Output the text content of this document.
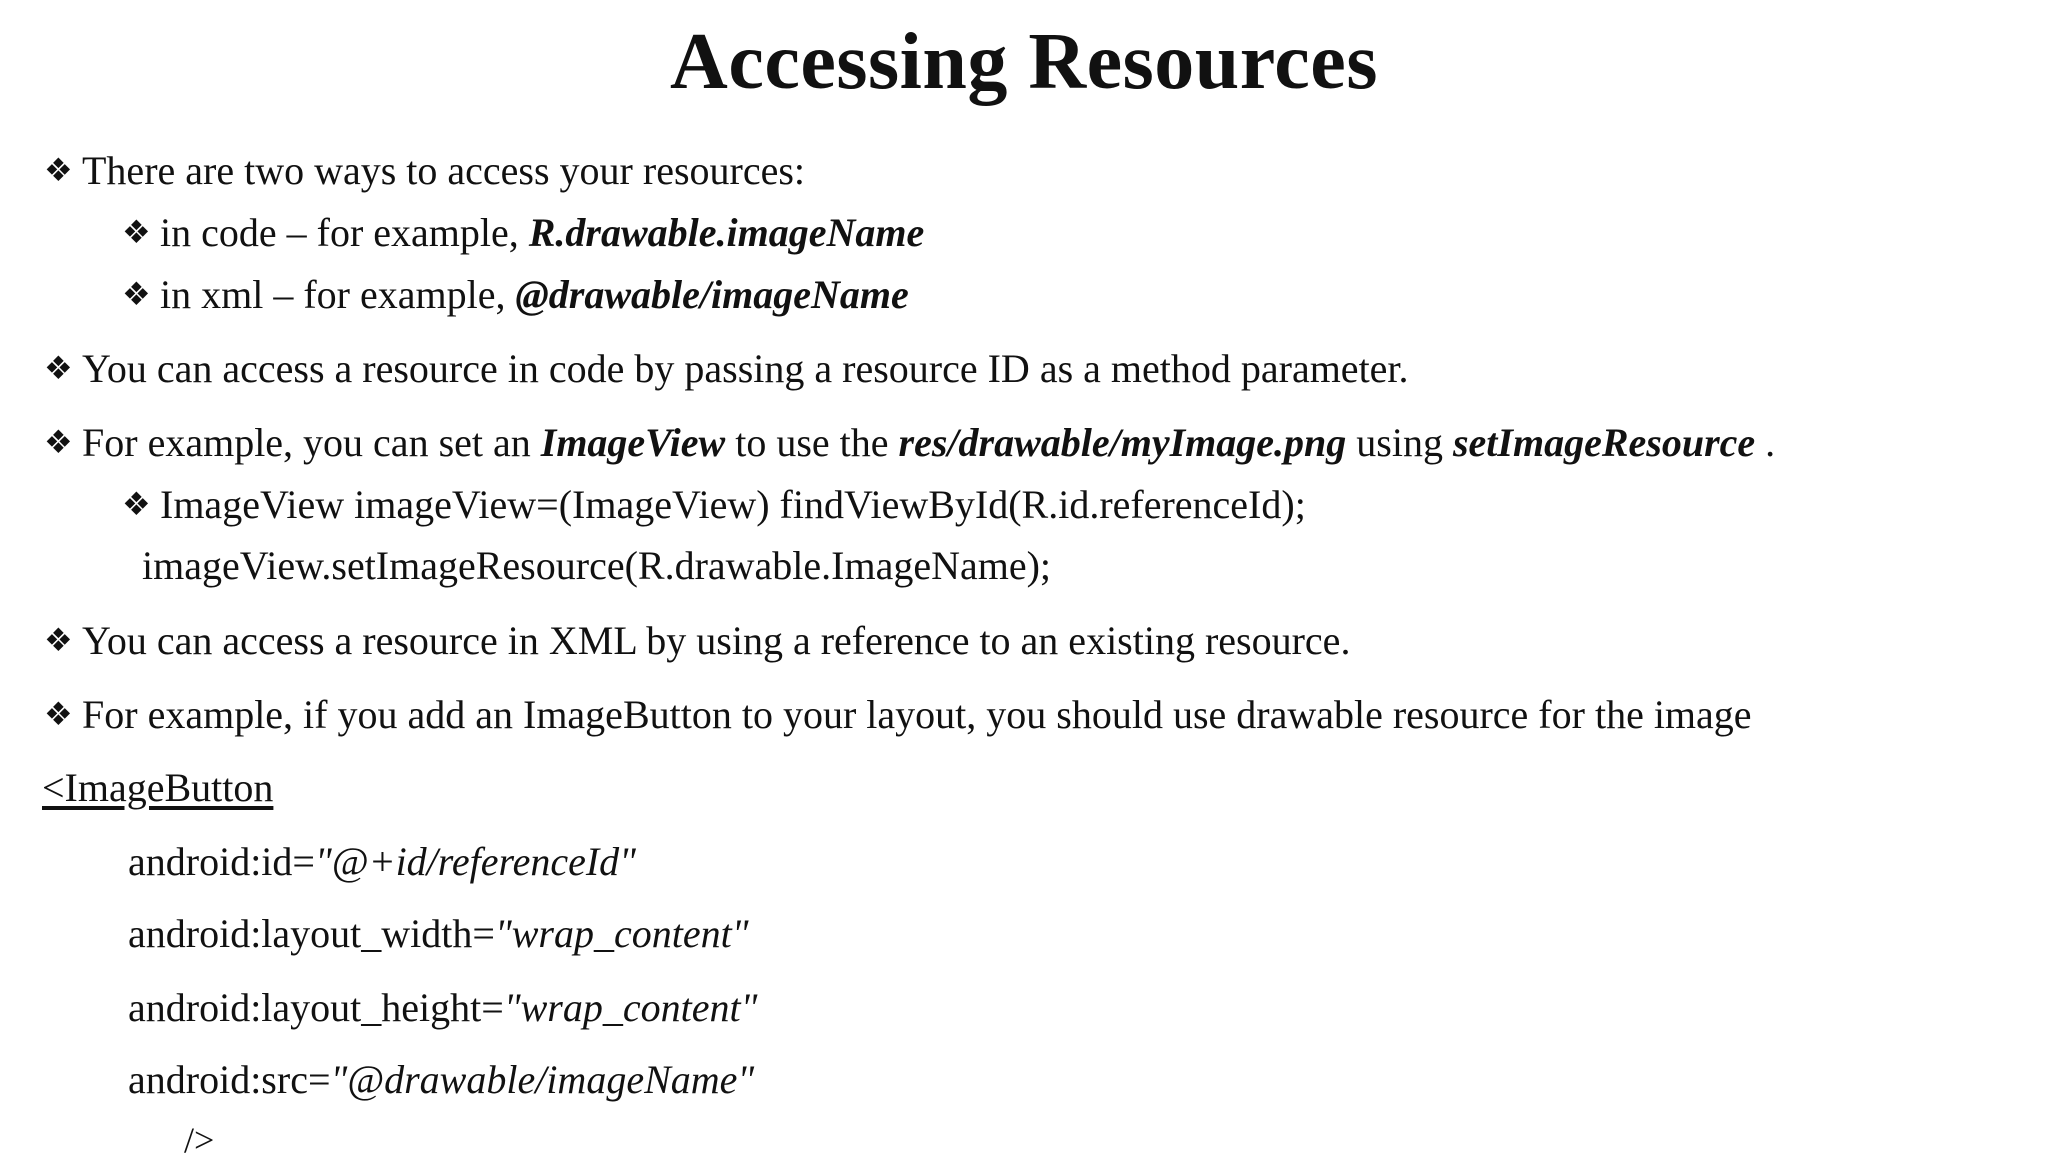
Accessing Resources
❖ There are two ways to access your resources:
❖ in code – for example, R.drawable.imageName
❖ in xml – for example, @drawable/imageName
❖ You can access a resource in code by passing a resource ID as a method parameter.
❖ For example, you can set an ImageView to use the res/drawable/myImage.png using setImageResource .
❖ ImageView imageView=(ImageView) findViewById(R.id.referenceId);
imageView.setImageResource(R.drawable.ImageName);
❖ You can access a resource in XML by using a reference to an existing resource.
❖ For example, if you add an ImageButton to your layout, you should use drawable resource for the image
<ImageButton
android:id="@+id/referenceId"
android:layout_width="wrap_content"
android:layout_height="wrap_content"
android:src="@drawable/imageName"
/>
